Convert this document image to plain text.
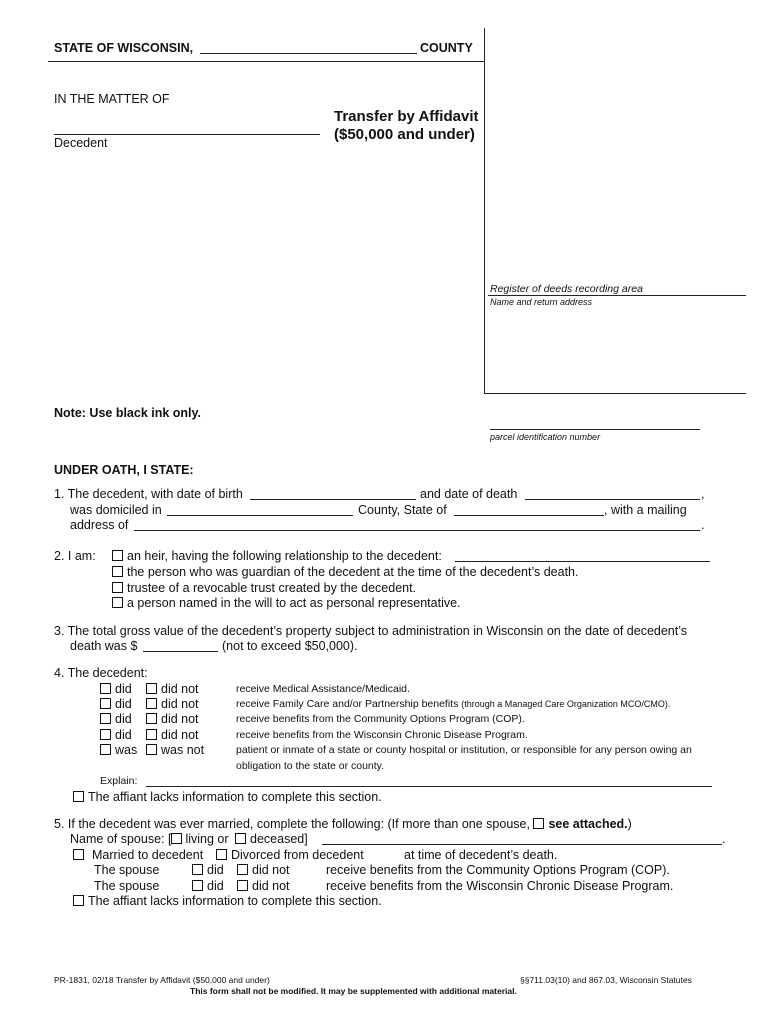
STATE OF WISCONSIN,	COUNTY
IN THE MATTER OF
Decedent
Transfer by Affidavit
($50,000 and under)
Register of deeds recording area
Name and return address
parcel identification number
Note: Use black ink only.
UNDER OATH, I STATE:
1. The decedent, with date of birth	and date of death	,
was domiciled in	County, State of	, with a mailing
address of	.
2. I am:	an heir, having the following relationship to the decedent:
the person who was guardian of the decedent at the time of the decedent’s death.
trustee of a revocable trust created by the decedent.
a person named in the will to act as personal representative.
3. The total gross value of the decedent’s property subject to administration in Wisconsin on the date of decedent’s
death was $	(not to exceed $50,000).
4. The decedent:
did	did not	receive Medical Assistance/Medicaid.
did	did not	receive Family Care and/or Partnership benefits (through a Managed Care Organization MCO/CMO).
did	did not	receive benefits from the Community Options Program (COP).
did	did not	receive benefits from the Wisconsin Chronic Disease Program.
was	was not	patient or inmate of a state or county hospital or institution, or responsible for any person owing an
obligation to the state or county.
Explain:
The affiant lacks information to complete this section.
5. If the decedent was ever married, complete the following: (If more than one spouse, see attached.)
Name of spouse: [ living or deceased]	.
Married to decedent	Divorced from decedent	at time of decedent’s death.
The spouse	did	did not	receive benefits from the Community Options Program (COP).
The spouse	did	did not	receive benefits from the Wisconsin Chronic Disease Program.
The affiant lacks information to complete this section.
PR-1831, 02/18 Transfer by Affidavit ($50,000 and under)	§§711.03(10) and 867.03, Wisconsin Statutes
This form shall not be modified. It may be supplemented with additional material.
